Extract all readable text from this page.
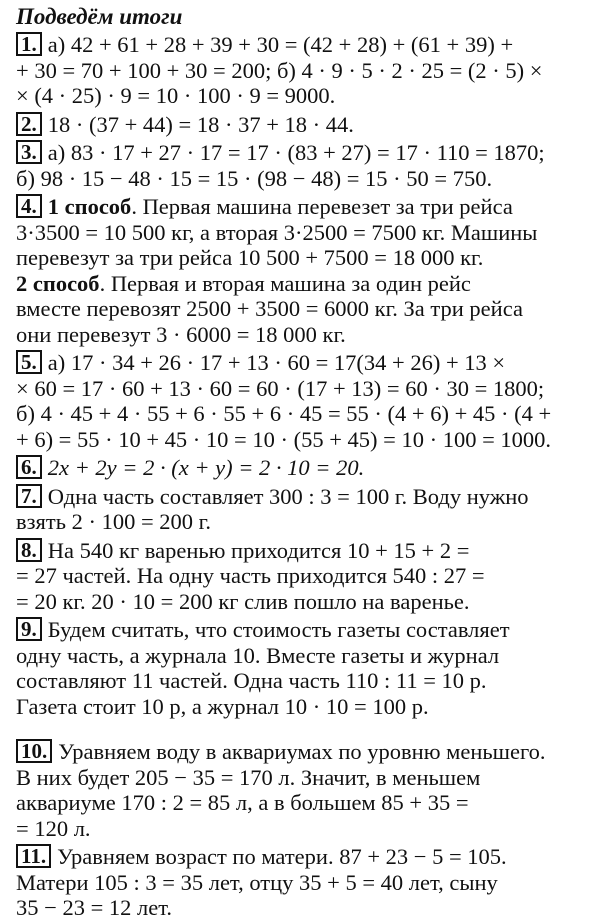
Подведём итоги
1. а) 42 + 61 + 28 + 39 + 30 = (42 + 28) + (61 + 39) +
+ 30 = 70 + 100 + 30 = 200; б) 4 · 9 · 5 · 2 · 25 = (2 · 5) ×
× (4 · 25) · 9 = 10 · 100 · 9 = 9000.
2. 18 · (37 + 44) = 18 · 37 + 18 · 44.
3. а) 83 · 17 + 27 · 17 = 17 · (83 + 27) = 17 · 110 = 1870;
б) 98 · 15 − 48 · 15 = 15 · (98 − 48) = 15 · 50 = 750.
4. 1 способ. Первая машина перевезет за три рейса
3·3500 = 10 500 кг, а вторая 3·2500 = 7500 кг. Машины
перевезут за три рейса 10 500 + 7500 = 18 000 кг.
2 способ. Первая и вторая машина за один рейс
вместе перевозят 2500 + 3500 = 6000 кг. За три рейса
они перевезут 3 · 6000 = 18 000 кг.
5. а) 17 · 34 + 26 · 17 + 13 · 60 = 17(34 + 26) + 13 ×
× 60 = 17 · 60 + 13 · 60 = 60 · (17 + 13) = 60 · 30 = 1800;
б) 4 · 45 + 4 · 55 + 6 · 55 + 6 · 45 = 55 · (4 + 6) + 45 · (4 +
+ 6) = 55 · 10 + 45 · 10 = 10 · (55 + 45) = 10 · 100 = 1000.
6. 2x + 2y = 2 · (x + y) = 2 · 10 = 20.
7. Одна часть составляет 300 : 3 = 100 г. Воду нужно
взять 2 · 100 = 200 г.
8. На 540 кг варенью приходится 10 + 15 + 2 =
= 27 частей. На одну часть приходится 540 : 27 =
= 20 кг. 20 · 10 = 200 кг слив пошло на варенье.
9. Будем считать, что стоимость газеты составляет
одну часть, а журнала 10. Вместе газеты и журнал
составляют 11 частей. Одна часть 110 : 11 = 10 р.
Газета стоит 10 р, а журнал 10 · 10 = 100 р.
10. Уравняем воду в аквариумах по уровню меньшего.
В них будет 205 − 35 = 170 л. Значит, в меньшем
аквариуме 170 : 2 = 85 л, а в большем 85 + 35 =
= 120 л.
11. Уравняем возраст по матери. 87 + 23 − 5 = 105.
Матери 105 : 3 = 35 лет, отцу 35 + 5 = 40 лет, сыну
35 − 23 = 12 лет.
